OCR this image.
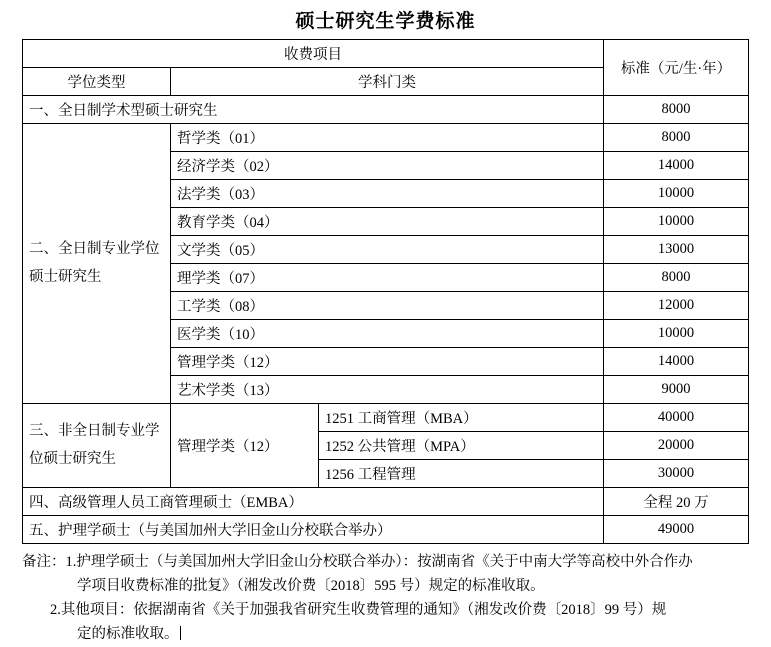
硕士研究生学费标准
收费项目			标准（元/生·年）
学位类型	学科门类		
一、全日制学术型硕士研究生			8000
二、全日制专业学位硕士研究生	哲学类（01）		8000
	经济学类（02）		14000
	法学类（03）		10000
	教育学类（04）		10000
	文学类（05）		13000
	理学类（07）		8000
	工学类（08）		12000
	医学类（10）		10000
	管理学类（12）		14000
	艺术学类（13）		9000
三、非全日制专业学位硕士研究生	管理学类（12）	1251 工商管理（MBA）	40000
		1252 公共管理（MPA）	20000
		1256 工程管理	30000
四、高级管理人员工商管理硕士（EMBA）			全程 20 万
五、护理学硕士（与美国加州大学旧金山分校联合举办）			49000
备注：1.护理学硕士（与美国加州大学旧金山分校联合举办）：按湖南省《关于中南大学等高校中外合作办
学项目收费标准的批复》（湘发改价费〔2018〕595 号）规定的标准收取。
2.其他项目：依据湖南省《关于加强我省研究生收费管理的通知》（湘发改价费〔2018〕99 号）规
定的标准收取。
